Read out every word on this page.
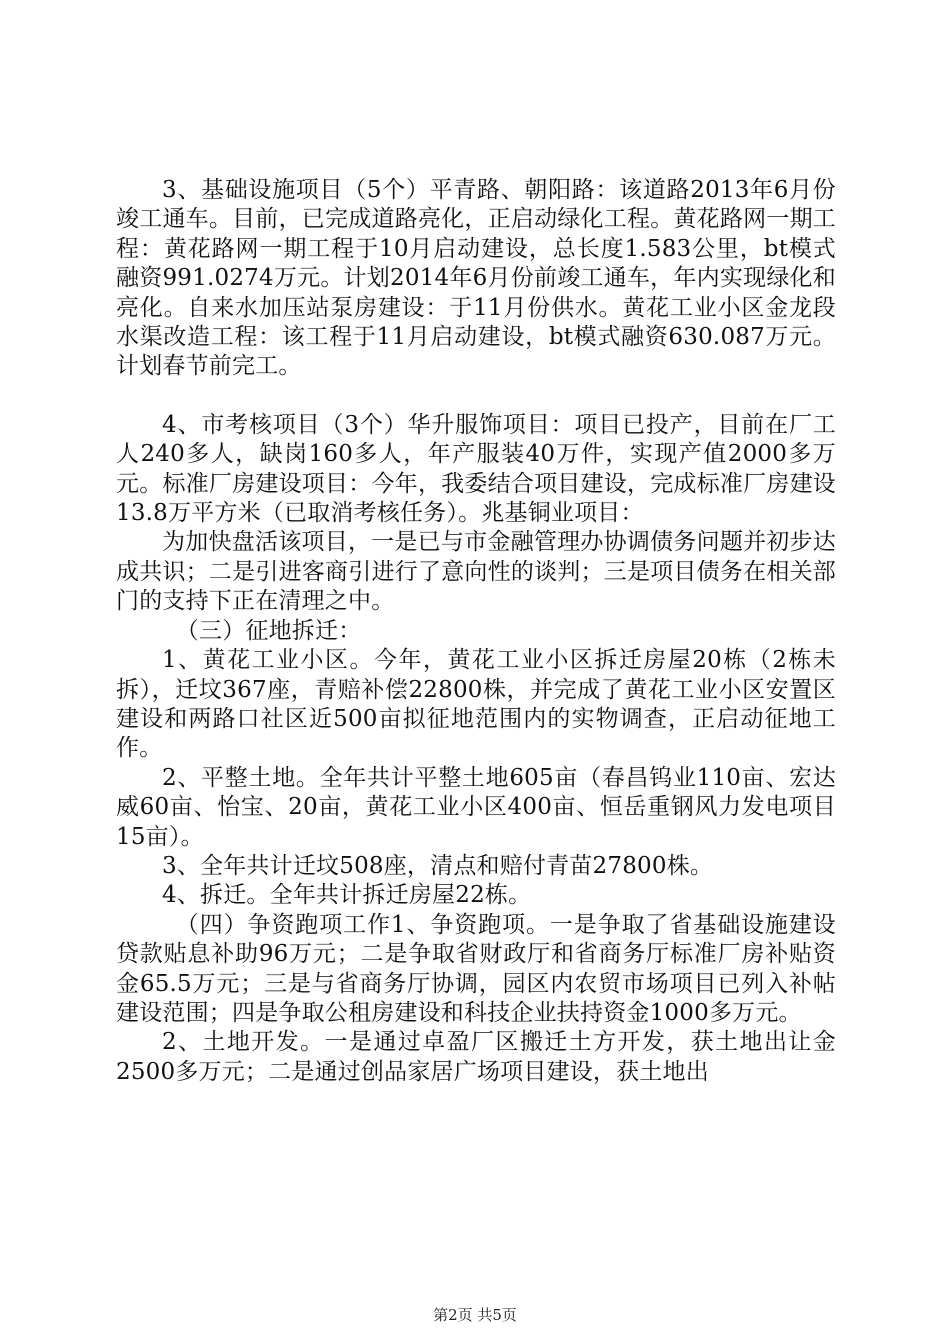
3、基础设施项目（5个）平青路、朝阳路：该道路2013年6月份竣工通车。目前，已完成道路亮化，正启动绿化工程。黄花路网一期工程：黄花路网一期工程于10月启动建设，总长度1.583公里，bt模式融资991.0274万元。计划2014年6月份前竣工通车，年内实现绿化和亮化。自来水加压站泵房建设：于11月份供水。黄花工业小区金龙段水渠改造工程：该工程于11月启动建设，bt模式融资630.087万元。计划春节前完工。

4、市考核项目（3个）华升服饰项目：项目已投产，目前在厂工人240多人，缺岗160多人，年产服装40万件，实现产值2000多万元。标准厂房建设项目：今年，我委结合项目建设，完成标准厂房建设13.8万平方米（已取消考核任务）。兆基铜业项目：

为加快盘活该项目，一是已与市金融管理办协调债务问题并初步达成共识；二是引进客商引进行了意向性的谈判；三是项目债务在相关部门的支持下正在清理之中。

（三）征地拆迁：

1、黄花工业小区。今年，黄花工业小区拆迁房屋20栋（2栋未拆），迁坟367座，青赔补偿22800株，并完成了黄花工业小区安置区建设和两路口社区近500亩拟征地范围内的实物调查，正启动征地工作。

2、平整土地。全年共计平整土地605亩（春昌钨业110亩、宏达威60亩、怡宝、20亩，黄花工业小区400亩、恒岳重钢风力发电项目15亩）。

3、全年共计迁坟508座，清点和赔付青苗27800株。

4、拆迁。全年共计拆迁房屋22栋。

（四）争资跑项工作1、争资跑项。一是争取了省基础设施建设贷款贴息补助96万元；二是争取省财政厅和省商务厅标准厂房补贴资金65.5万元；三是与省商务厅协调，园区内农贸市场项目已列入补帖建设范围；四是争取公租房建设和科技企业扶持资金1000多万元。

2、土地开发。一是通过卓盈厂区搬迁土方开发，获土地出让金2500多万元；二是通过创品家居广场项目建设，获土地出

第2页 共5页
